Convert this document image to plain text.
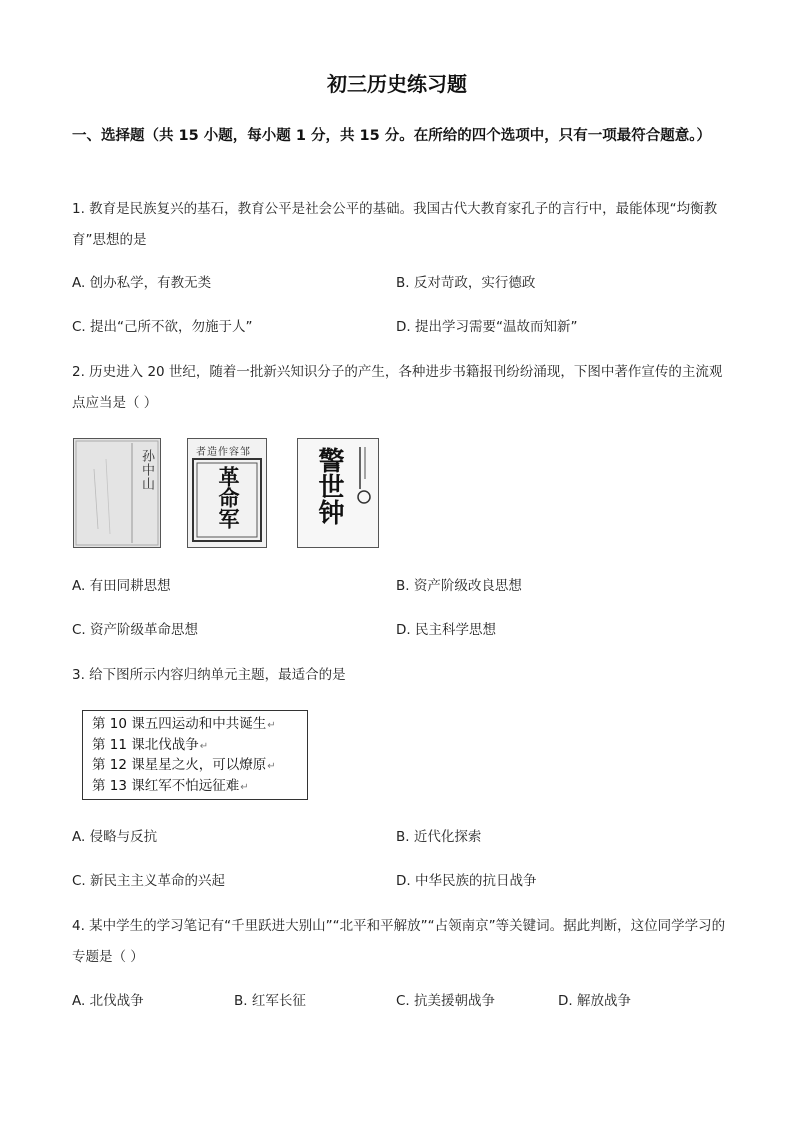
初三历史练习题
一、选择题（共 15 小题，每小题 1 分，共 15 分。在所给的四个选项中，只有一项最符合题意。）
1. 教育是民族复兴的基石，教育公平是社会公平的基础。我国古代大教育家孔子的言行中，最能体现“均衡教育”思想的是
A. 创办私学，有教无类	B. 反对苛政，实行德政
C. 提出“己所不欲，勿施于人”	D. 提出学习需要“温故而知新”
2. 历史进入 20 世纪，随着一批新兴知识分子的产生，各种进步书籍报刊纷纷涌现，下图中著作宣传的主流观点应当是（ ）
孙中山	者造作容邹
革命军	警世钟
A. 有田同耕思想	B. 资产阶级改良思想
C. 资产阶级革命思想	D. 民主科学思想
3. 给下图所示内容归纳单元主题，最适合的是
第 10 课五四运动和中共诞生↵
第 11 课北伐战争↵
第 12 课星星之火，可以燎原↵
第 13 课红军不怕远征难↵
A. 侵略与反抗	B. 近代化探索
C. 新民主主义革命的兴起	D. 中华民族的抗日战争
4. 某中学生的学习笔记有“千里跃进大别山”“北平和平解放”“占领南京”等关键词。据此判断，这位同学学习的专题是（ ）
A. 北伐战争	B. 红军长征	C. 抗美援朝战争	D. 解放战争
